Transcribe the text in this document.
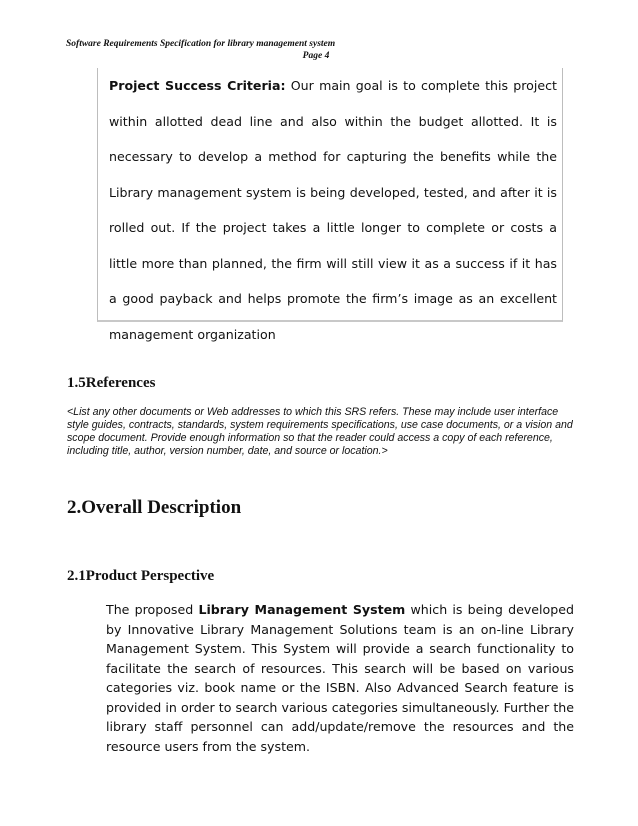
Software Requirements Specification for library management system
Page 4
Project Success Criteria: Our main goal is to complete this project within allotted dead line and also within the budget allotted. It is necessary to develop a method for capturing the benefits while the Library management system is being developed, tested, and after it is rolled out. If the project takes a little longer to complete or costs a little more than planned, the firm will still view it as a success if it has a good payback and helps promote the firm’s image as an excellent management organization
1.5References
<List any other documents or Web addresses to which this SRS refers. These may include user interface style guides, contracts, standards, system requirements specifications, use case documents, or a vision and scope document. Provide enough information so that the reader could access a copy of each reference, including title, author, version number, date, and source or location.>
2.Overall Description
2.1Product Perspective
The proposed Library Management System which is being developed by Innovative Library Management Solutions team is an on-line Library Management System. This System will provide a search functionality to facilitate the search of resources. This search will be based on various categories viz. book name or the ISBN. Also Advanced Search feature is provided in order to search various categories simultaneously. Further the library staff personnel can add/update/remove the resources and the resource users from the system.
